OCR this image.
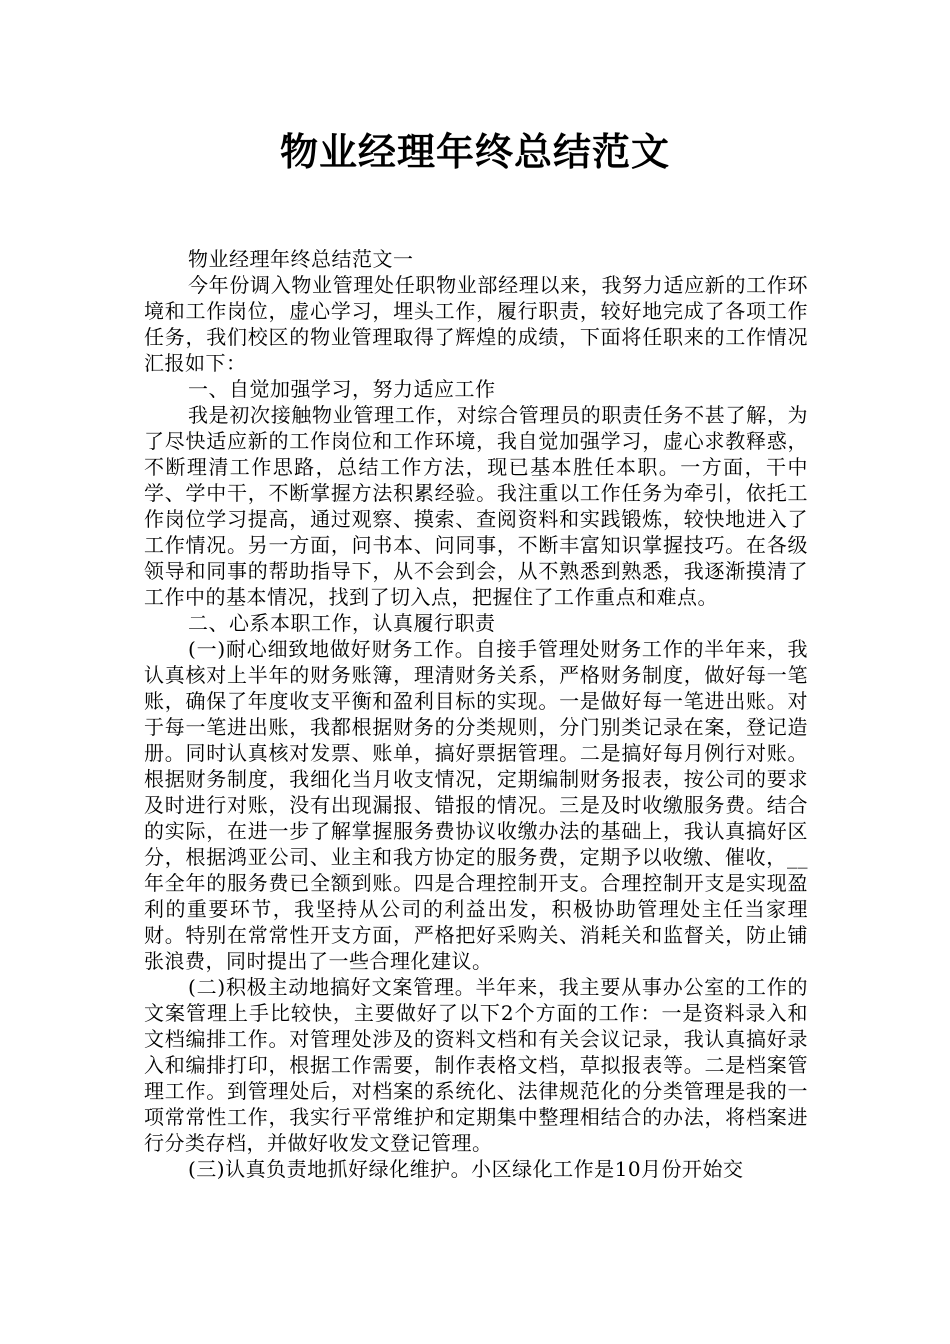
物业经理年终总结范文

物业经理年终总结范文一

今年份调入物业管理处任职物业部经理以来，我努力适应新的工作环境和工作岗位，虚心学习，埋头工作，履行职责，较好地完成了各项工作任务，我们校区的物业管理取得了辉煌的成绩，下面将任职来的工作情况汇报如下：

一、自觉加强学习，努力适应工作

我是初次接触物业管理工作，对综合管理员的职责任务不甚了解，为了尽快适应新的工作岗位和工作环境，我自觉加强学习，虚心求教释惑，不断理清工作思路，总结工作方法，现已基本胜任本职。一方面，干中学、学中干，不断掌握方法积累经验。我注重以工作任务为牵引，依托工作岗位学习提高，通过观察、摸索、查阅资料和实践锻炼，较快地进入了工作情况。另一方面，问书本、问同事，不断丰富知识掌握技巧。在各级领导和同事的帮助指导下，从不会到会，从不熟悉到熟悉，我逐渐摸清了工作中的基本情况，找到了切入点，把握住了工作重点和难点。

二、心系本职工作，认真履行职责

(一)耐心细致地做好财务工作。自接手管理处财务工作的半年来，我认真核对上半年的财务账簿，理清财务关系，严格财务制度，做好每一笔账，确保了年度收支平衡和盈利目标的实现。一是做好每一笔进出账。对于每一笔进出账，我都根据财务的分类规则，分门别类记录在案，登记造册。同时认真核对发票、账单，搞好票据管理。二是搞好每月例行对账。根据财务制度，我细化当月收支情况，定期编制财务报表，按公司的要求及时进行对账，没有出现漏报、错报的情况。三是及时收缴服务费。结合的实际，在进一步了解掌握服务费协议收缴办法的基础上，我认真搞好区分，根据鸿亚公司、业主和我方协定的服务费，定期予以收缴、催收，__年全年的服务费已全额到账。四是合理控制开支。合理控制开支是实现盈利的重要环节，我坚持从公司的利益出发，积极协助管理处主任当家理财。特别在常常性开支方面，严格把好采购关、消耗关和监督关，防止铺张浪费，同时提出了一些合理化建议。

(二)积极主动地搞好文案管理。半年来，我主要从事办公室的工作的文案管理上手比较快，主要做好了以下2个方面的工作：一是资料录入和文档编排工作。对管理处涉及的资料文档和有关会议记录，我认真搞好录入和编排打印，根据工作需要，制作表格文档，草拟报表等。二是档案管理工作。到管理处后，对档案的系统化、法律规范化的分类管理是我的一项常常性工作，我实行平常维护和定期集中整理相结合的办法，将档案进行分类存档，并做好收发文登记管理。

(三)认真负责地抓好绿化维护。小区绿化工作是10月份开始交
